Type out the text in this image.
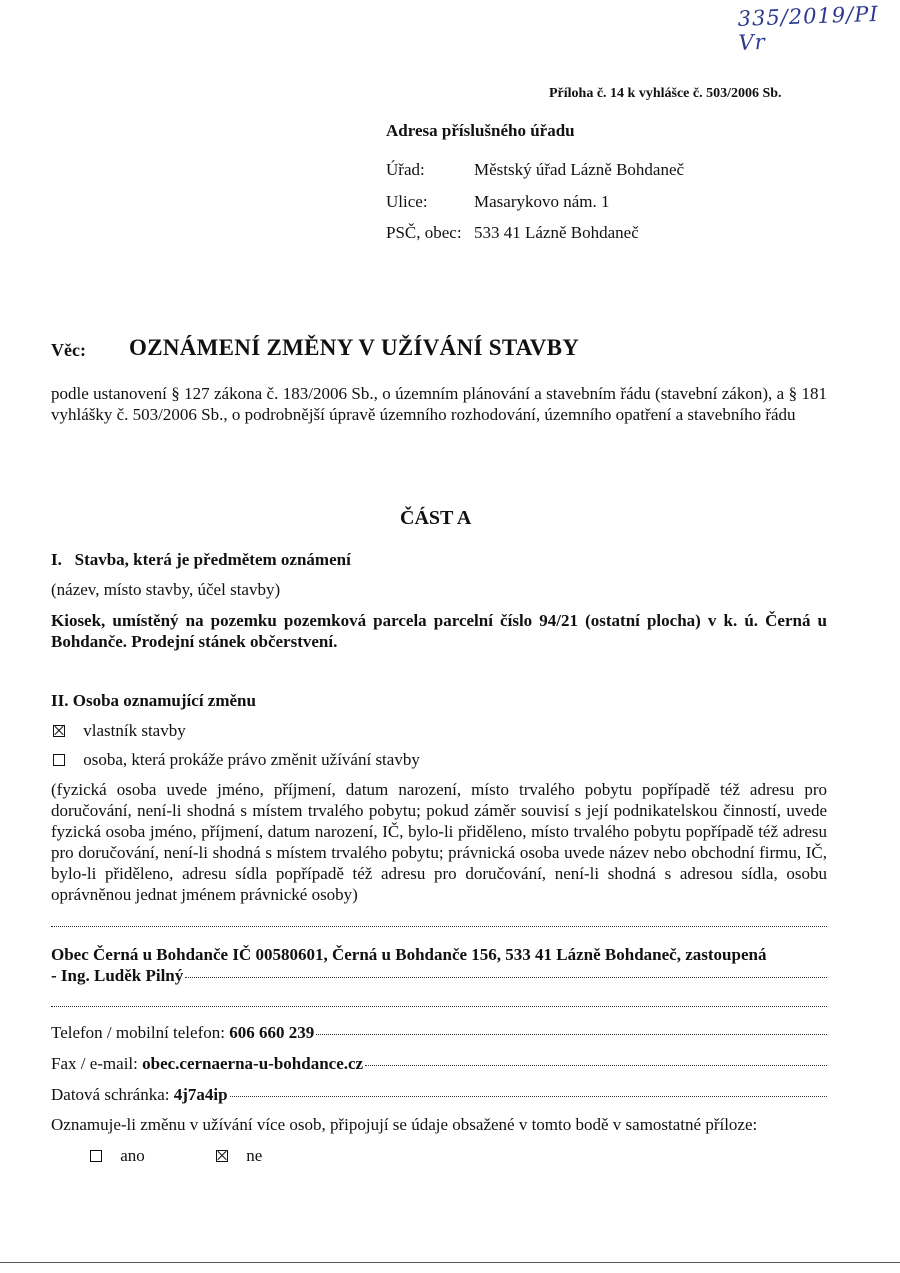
335/2019/PI Vr
Příloha č. 14 k vyhlášce č. 503/2006 Sb.
Adresa příslušného úřadu
Úřad:	Městský úřad Lázně Bohdaneč
Ulice:	Masarykovo nám. 1
PSČ, obec: 533 41 Lázně Bohdaneč
Věc: OZNÁMENÍ ZMĚNY V UŽÍVÁNÍ STAVBY
podle ustanovení § 127 zákona č. 183/2006 Sb., o územním plánování a stavebním řádu (stavební zákon), a § 181 vyhlášky č. 503/2006 Sb., o podrobnější úpravě územního rozhodování, územního opatření a stavebního řádu
ČÁST A
I.   Stavba, která je předmětem oznámení
(název, místo stavby, účel stavby)
Kiosek, umístěný na pozemku pozemková parcela parcelní číslo 94/21 (ostatní plocha) v k. ú. Černá u Bohdanče. Prodejní stánek občerstvení.
II. Osoba oznamující změnu
vlastník stavby
osoba, která prokáže právo změnit užívání stavby
(fyzická osoba uvede jméno, příjmení, datum narození, místo trvalého pobytu popřípadě též adresu pro doručování, není-li shodná s místem trvalého pobytu; pokud záměr souvisí s její podnikatelskou činností, uvede fyzická osoba jméno, příjmení, datum narození, IČ, bylo-li přiděleno, místo trvalého pobytu popřípadě též adresu pro doručování, není-li shodná s místem trvalého pobytu; právnická osoba uvede název nebo obchodní firmu, IČ, bylo-li přiděleno, adresu sídla popřípadě též adresu pro doručování, není-li shodná s adresou sídla, osobu oprávněnou jednat jménem právnické osoby)
Obec Černá u Bohdanče IČ 00580601, Černá u Bohdanče 156, 533 41 Lázně Bohdaneč, zastoupená
- Ing. Luděk Pilný
Telefon / mobilní telefon:
606 660 239
Fax / e-mail:
obec.cernaerna-u-bohdance.cz
Datová schránka:
4j7a4ip
Oznamuje-li změnu v užívání více osob, připojují se údaje obsažené v tomto bodě v samostatné příloze:
ano	ne
